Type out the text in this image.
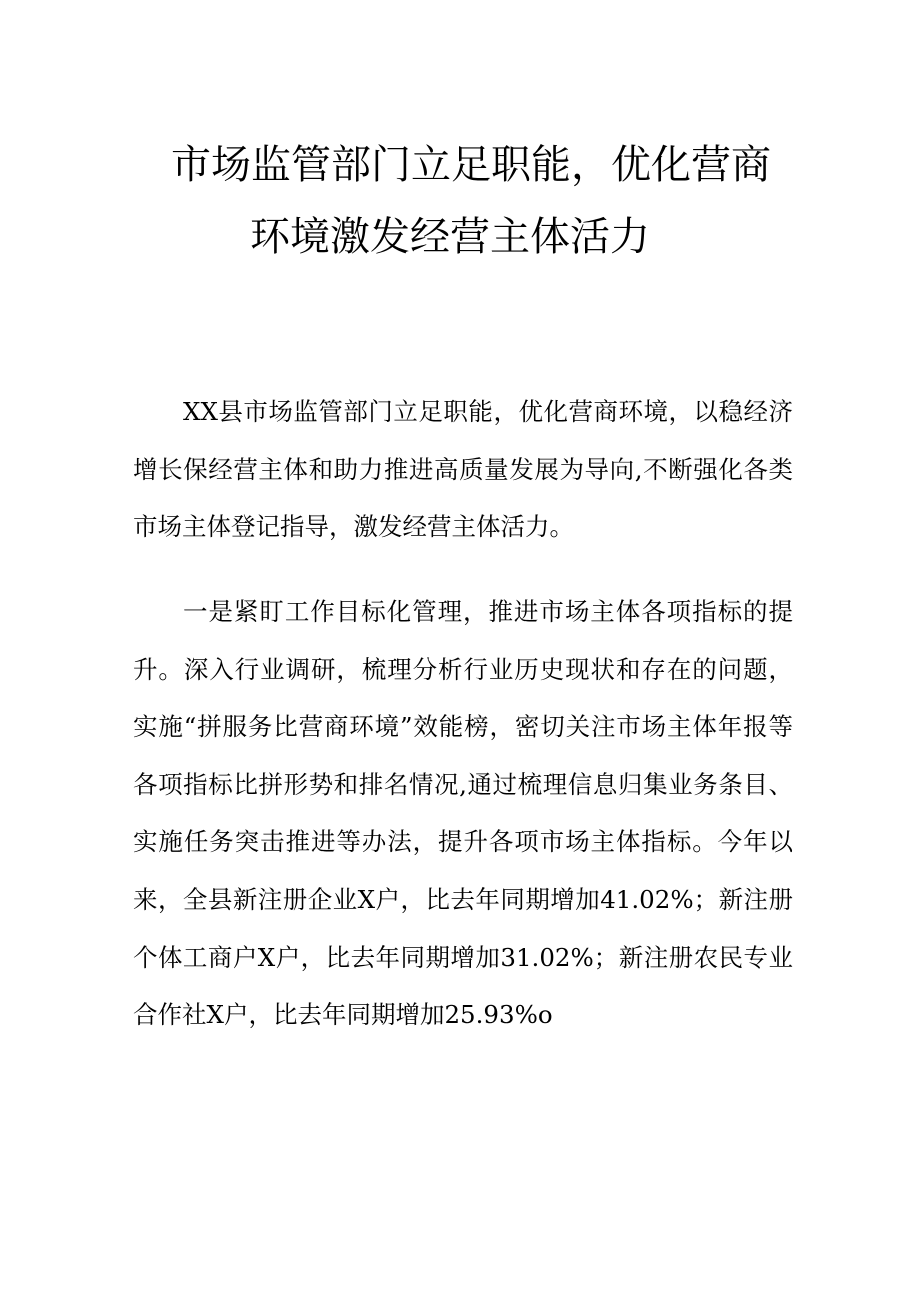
市场监管部门立足职能，优化营商
环境激发经营主体活力

XX县市场监管部门立足职能，优化营商环境，以稳经济增长保经营主体和助力推进高质量发展为导向,不断强化各类市场主体登记指导，激发经营主体活力。

一是紧盯工作目标化管理，推进市场主体各项指标的提升。深入行业调研，梳理分析行业历史现状和存在的问题，实施“拼服务比营商环境”效能榜，密切关注市场主体年报等各项指标比拼形势和排名情况,通过梳理信息归集业务条目、实施任务突击推进等办法，提升各项市场主体指标。今年以来，全县新注册企业X户，比去年同期增加41.02%；新注册个体工商户X户，比去年同期增加31.02%；新注册农民专业合作社X户，比去年同期增加25.93%o
